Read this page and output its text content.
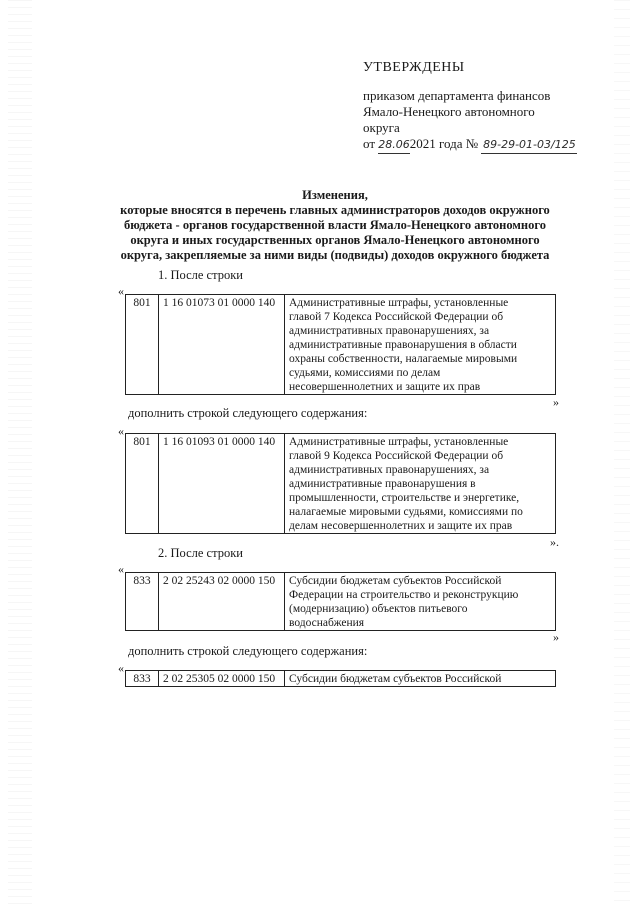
УТВЕРЖДЕНЫ
приказом департамента финансов
Ямало-Ненецкого автономного
округа
от 28.062021 года № 89-29-01-03/125
Изменения,
которые вносятся в перечень главных администраторов доходов окружного
бюджета - органов государственной власти Ямало-Ненецкого автономного
округа и иных государственных органов Ямало-Ненецкого автономного
округа, закрепляемые за ними виды (подвиды) доходов окружного бюджета
1. После строки
«
801	1 16 01073 01 0000 140	Административные штрафы, установленные
главой 7 Кодекса Российской Федерации об
административных правонарушениях, за
административные правонарушения в области
охраны собственности, налагаемые мировыми
судьями, комиссиями по делам
несовершеннолетних и защите их прав
»
дополнить строкой следующего содержания:
«
801	1 16 01093 01 0000 140	Административные штрафы, установленные
главой 9 Кодекса Российской Федерации об
административных правонарушениях, за
административные правонарушения в
промышленности, строительстве и энергетике,
налагаемые мировыми судьями, комиссиями по
делам несовершеннолетних и защите их прав
».
2. После строки
«
833	2 02 25243 02 0000 150	Субсидии бюджетам субъектов Российской
Федерации на строительство и реконструкцию
(модернизацию) объектов питьевого
водоснабжения
»
дополнить строкой следующего содержания:
«
833	2 02 25305 02 0000 150	Субсидии бюджетам субъектов Российской
